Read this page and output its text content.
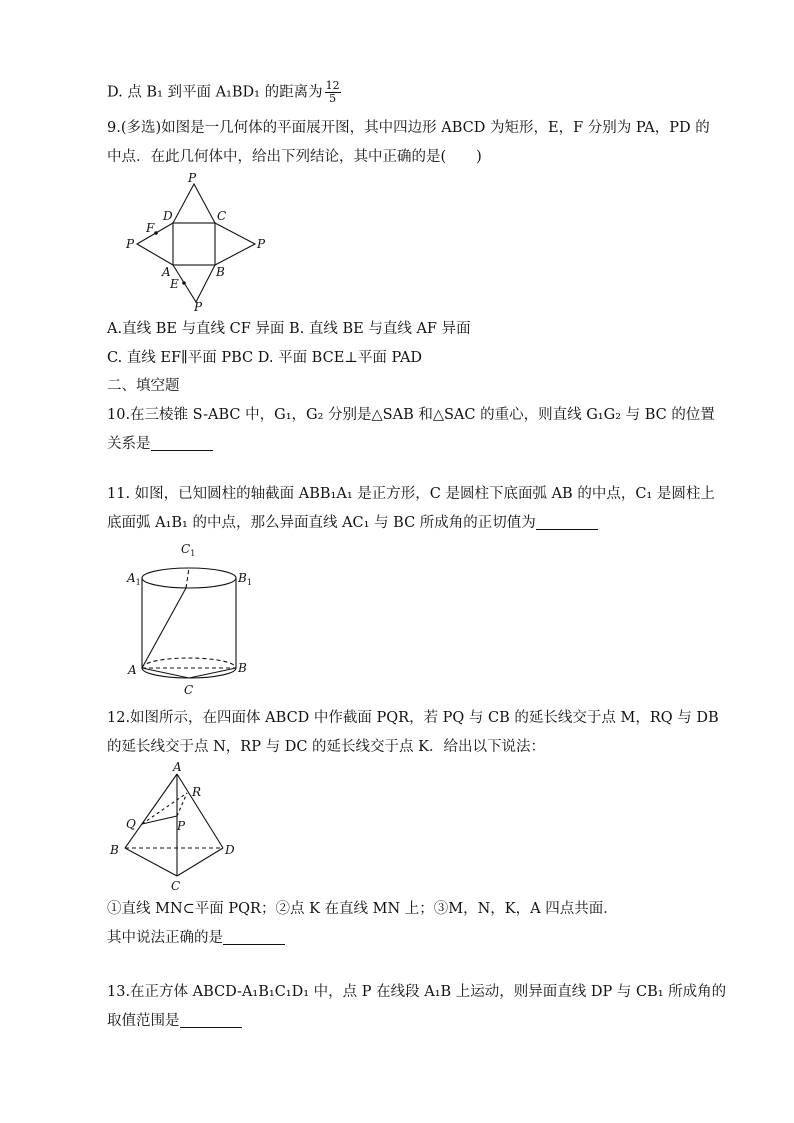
D. 点 B₁ 到平面 A₁BD₁ 的距离为 $\frac{12}{5}$
9.(多选)如图是一几何体的平面展开图，其中四边形 ABCD 为矩形，E，F 分别为 PA，PD 的
中点．在此几何体中，给出下列结论，其中正确的是( )
P
D	C
F
P	P
A	B
E
P
A.直线 BE 与直线 CF 异面 B. 直线 BE 与直线 AF 异面
C. 直线 EF∥平面 PBC D. 平面 BCE⊥平面 PAD
二、填空题
10.在三棱锥 S-ABC 中，G₁，G₂ 分别是△SAB 和△SAC 的重心，则直线 G₁G₂ 与 BC 的位置
关系是
11. 如图，已知圆柱的轴截面 ABB₁A₁ 是正方形，C 是圆柱下底面弧 AB 的中点，C₁ 是圆柱上
底面弧 A₁B₁ 的中点，那么异面直线 AC₁ 与 BC 所成角的正切值为
$C_1$
$A_1$	$B_1$
A	B
C
12.如图所示，在四面体 ABCD 中作截面 PQR，若 PQ 与 CB 的延长线交于点 M，RQ 与 DB
的延长线交于点 N，RP 与 DC 的延长线交于点 K．给出以下说法：
A
R
Q	P
B	D
C
①直线 MN⊂平面 PQR；②点 K 在直线 MN 上；③M，N，K，A 四点共面．
其中说法正确的是
13.在正方体 ABCD-A₁B₁C₁D₁ 中，点 P 在线段 A₁B 上运动，则异面直线 DP 与 CB₁ 所成角的
取值范围是
